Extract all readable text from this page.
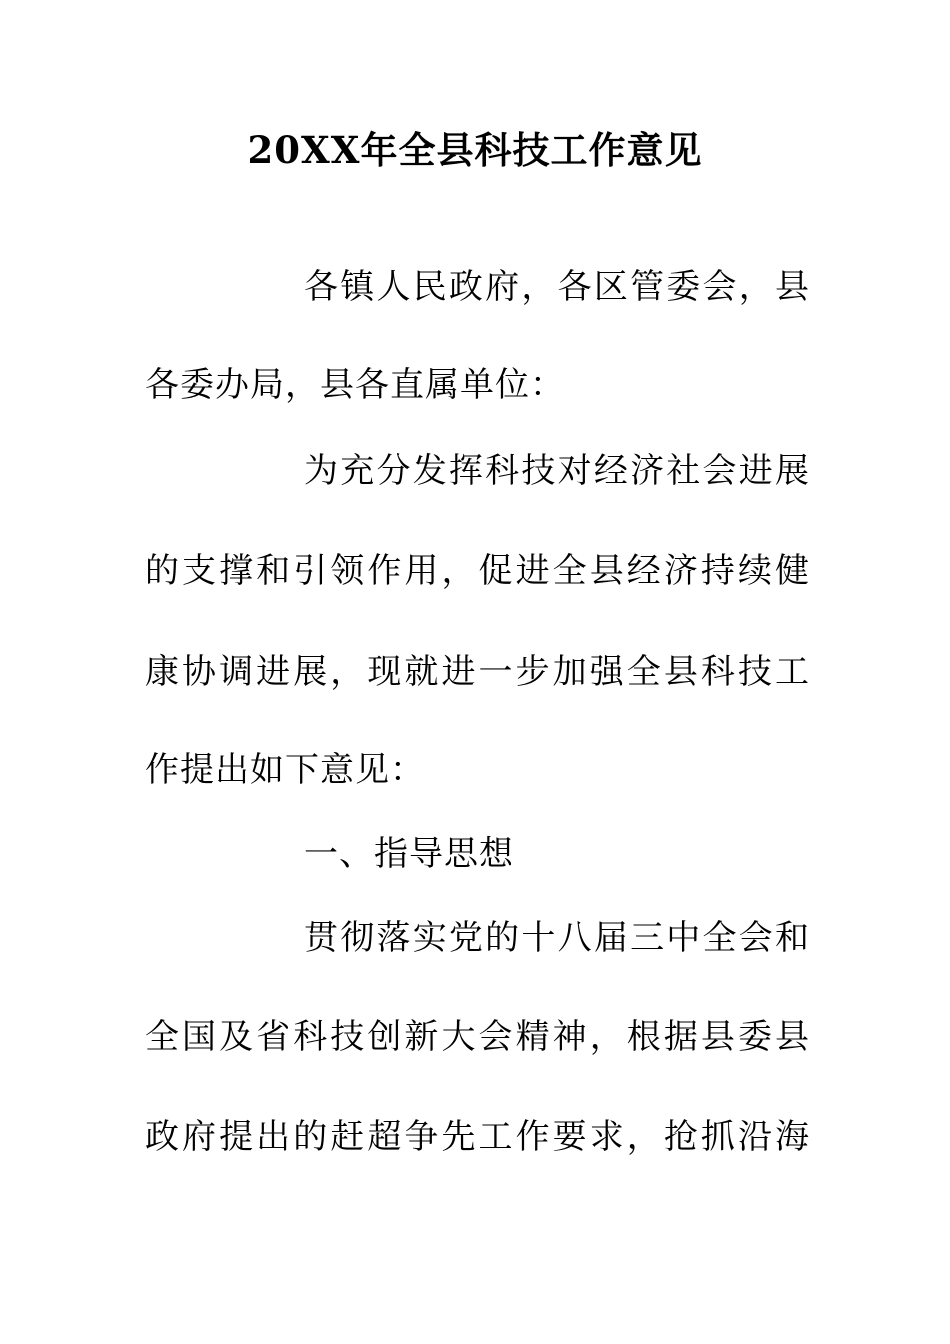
20XX年全县科技工作意见
各镇人民政府，各区管委会，县
各委办局，县各直属单位：
为充分发挥科技对经济社会进展
的支撑和引领作用，促进全县经济持续健
康协调进展，现就进一步加强全县科技工
作提出如下意见：
一、指导思想
贯彻落实党的十八届三中全会和
全国及省科技创新大会精神，根据县委县
政府提出的赶超争先工作要求，抢抓沿海
